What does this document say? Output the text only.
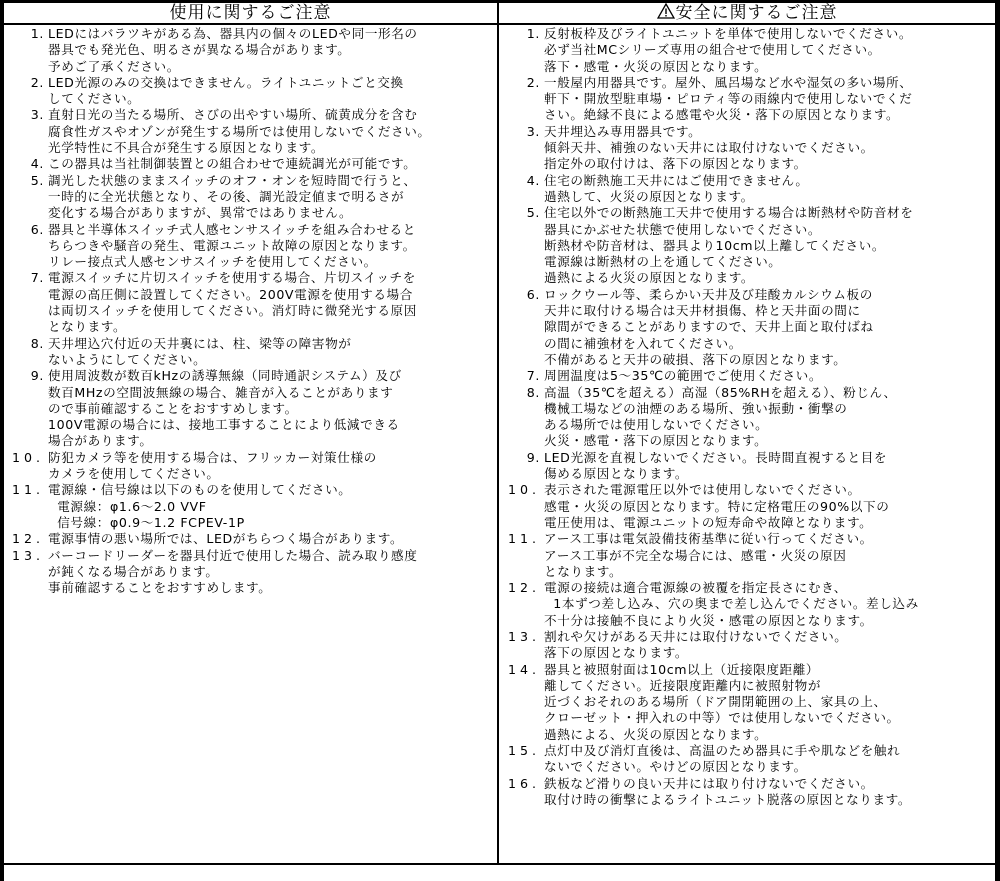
使用に関するご注意	安全に関するご注意
1. LEDにはバラツキがある為、器具内の個々のLEDや同一形名の
器具でも発光色、明るさが異なる場合があります。
予めご了承ください。
2. LED光源のみの交換はできません。ライトユニットごと交換
してください。
3. 直射日光の当たる場所、さびの出やすい場所、硫黄成分を含む
腐食性ガスやオゾンが発生する場所では使用しないでください。
光学特性に不具合が発生する原因となります。
4. この器具は当社制御装置との組合わせで連続調光が可能です。
5. 調光した状態のままスイッチのオフ・オンを短時間で行うと、
一時的に全光状態となり、その後、調光設定値まで明るさが
変化する場合がありますが、異常ではありません。
6. 器具と半導体スイッチ式人感センサスイッチを組み合わせると
ちらつきや騒音の発生、電源ユニット故障の原因となります。
リレー接点式人感センサスイッチを使用してください。
7. 電源スイッチに片切スイッチを使用する場合、片切スイッチを
電源の高圧側に設置してください。200V電源を使用する場合
は両切スイッチを使用してください。消灯時に微発光する原因
となります。
8. 天井埋込穴付近の天井裏には、柱、梁等の障害物が
ないようにしてください。
9. 使用周波数が数百kHzの誘導無線（同時通訳システム）及び
数百MHzの空間波無線の場合、雑音が入ることがあります
ので事前確認することをおすすめします。
100V電源の場合には、接地工事することにより低減できる
場合があります。
10. 防犯カメラ等を使用する場合は、フリッカー対策仕様の
カメラを使用してください。
11. 電源線・信号線は以下のものを使用してください。
電源線：φ1.6～2.0 VVF
信号線：φ0.9～1.2 FCPEV-1P
12. 電源事情の悪い場所では、LEDがちらつく場合があります。
13. バーコードリーダーを器具付近で使用した場合、読み取り感度
が鈍くなる場合があります。
事前確認することをおすすめします。
1. 反射板枠及びライトユニットを単体で使用しないでください。
必ず当社MCシリーズ専用の組合せで使用してください。
落下・感電・火災の原因となります。
2. 一般屋内用器具です。屋外、風呂場など水や湿気の多い場所、
軒下・開放型駐車場・ピロティ等の雨線内で使用しないでくだ
さい。絶縁不良による感電や火災・落下の原因となります。
3. 天井埋込み専用器具です。
傾斜天井、補強のない天井には取付けないでください。
指定外の取付けは、落下の原因となります。
4. 住宅の断熱施工天井にはご使用できません。
過熱して、火災の原因となります。
5. 住宅以外での断熱施工天井で使用する場合は断熱材や防音材を
器具にかぶせた状態で使用しないでください。
断熱材や防音材は、器具より10cm以上離してください。
電源線は断熱材の上を通してください。
過熱による火災の原因となります。
6. ロックウール等、柔らかい天井及び珪酸カルシウム板の
天井に取付ける場合は天井材損傷、枠と天井面の間に
隙間ができることがありますので、天井上面と取付ばね
の間に補強材を入れてください。
不備があると天井の破損、落下の原因となります。
7. 周囲温度は5～35℃の範囲でご使用ください。
8. 高温（35℃を超える）高湿（85%RHを超える）、粉じん、
機械工場などの油煙のある場所、強い振動・衝撃の
ある場所では使用しないでください。
火災・感電・落下の原因となります。
9. LED光源を直視しないでください。長時間直視すると目を
傷める原因となります。
10. 表示された電源電圧以外では使用しないでください。
感電・火災の原因となります。特に定格電圧の90%以下の
電圧使用は、電源ユニットの短寿命や故障となります。
11. アース工事は電気設備技術基準に従い行ってください。
アース工事が不完全な場合には、感電・火災の原因
となります。
12. 電源の接続は適合電源線の被覆を指定長さにむき、
1本ずつ差し込み、穴の奥まで差し込んでください。差し込み
不十分は接触不良により火災・感電の原因となります。
13. 割れや欠けがある天井には取付けないでください。
落下の原因となります。
14. 器具と被照射面は10cm以上（近接限度距離）
離してください。近接限度距離内に被照射物が
近づくおそれのある場所（ドア開閉範囲の上、家具の上、
クローゼット・押入れの中等）では使用しないでください。
過熱による、火災の原因となります。
15. 点灯中及び消灯直後は、高温のため器具に手や肌などを触れ
ないでください。やけどの原因となります。
16. 鉄板など滑りの良い天井には取り付けないでください。
取付け時の衝撃によるライトユニット脱落の原因となります。
